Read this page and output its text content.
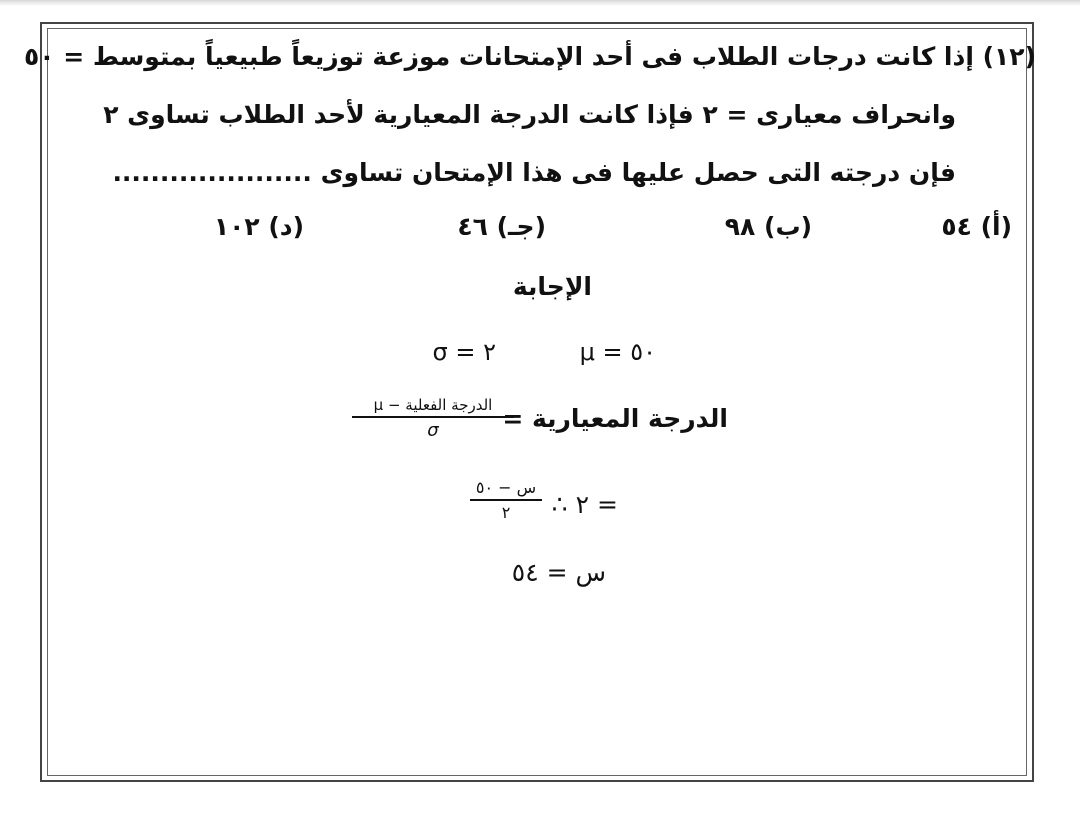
(١٢) إذا كانت درجات الطلاب فى أحد الإمتحانات موزعة توزيعاً طبيعياً بمتوسط = ٥٠
وانحراف معيارى = ٢ فإذا كانت الدرجة المعيارية لأحد الطلاب تساوى ٢
فإن درجته التى حصل عليها فى هذا الإمتحان تساوى .....................
(أ) ٥٤
(ب) ٩٨
(جـ) ٤٦
(د) ١٠٢
الإجابة
μ = ٥٠
σ = ٢
الدرجة المعيارية =
الدرجة الفعلية − μ
σ
∴ ٢ =
س − ٥٠
٢
س = ٥٤
